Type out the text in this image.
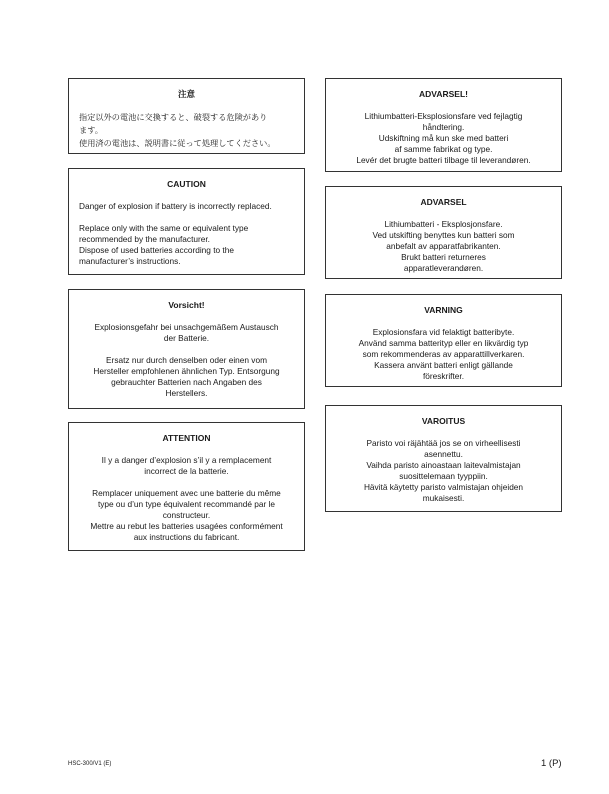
注意
指定以外の電池に交換すると、破裂する危険があり
ます。
使用済の電池は、説明書に従って処理してください。
CAUTION

Danger of explosion if battery is incorrectly replaced.

Replace only with the same or equivalent type
recommended by the manufacturer.
Dispose of used batteries according to the
manufacturer’s instructions.

Vorsicht!

Explosionsgefahr bei unsachgemäßem Austausch
der Batterie.

Ersatz nur durch denselben oder einen vom
Hersteller empfohlenen ähnlichen Typ. Entsorgung
gebrauchter Batterien nach Angaben des
Herstellers.

ATTENTION

Il y a danger d’explosion s’il y a remplacement
incorrect de la batterie.

Remplacer uniquement avec une batterie du même
type ou d’un type équivalent recommandé par le
constructeur.
Mettre au rebut les batteries usagées conformément
aux instructions du fabricant.

ADVARSEL!

Lithiumbatteri-Eksplosionsfare ved fejlagtig
håndtering.
Udskiftning må kun ske med batteri
af samme fabrikat og type.
Levér det brugte batteri tilbage til leverandøren.

ADVARSEL

Lithiumbatteri - Eksplosjonsfare.
Ved utskifting benyttes kun batteri som
anbefalt av apparatfabrikanten.
Brukt batteri returneres
apparatleverandøren.

VARNING

Explosionsfara vid felaktigt batteribyte.
Använd samma batterityp eller en likvärdig typ
som rekommenderas av apparattillverkaren.
Kassera använt batteri enligt gällande
föreskrifter.

VAROITUS

Paristo voi räjähtää jos se on virheellisesti
asennettu.
Vaihda paristo ainoastaan laitevalmistajan
suosittelemaan tyyppiin.
Hävitä käytetty paristo valmistajan ohjeiden
mukaisesti.

HSC-300/V1 (E)	1 (P)
